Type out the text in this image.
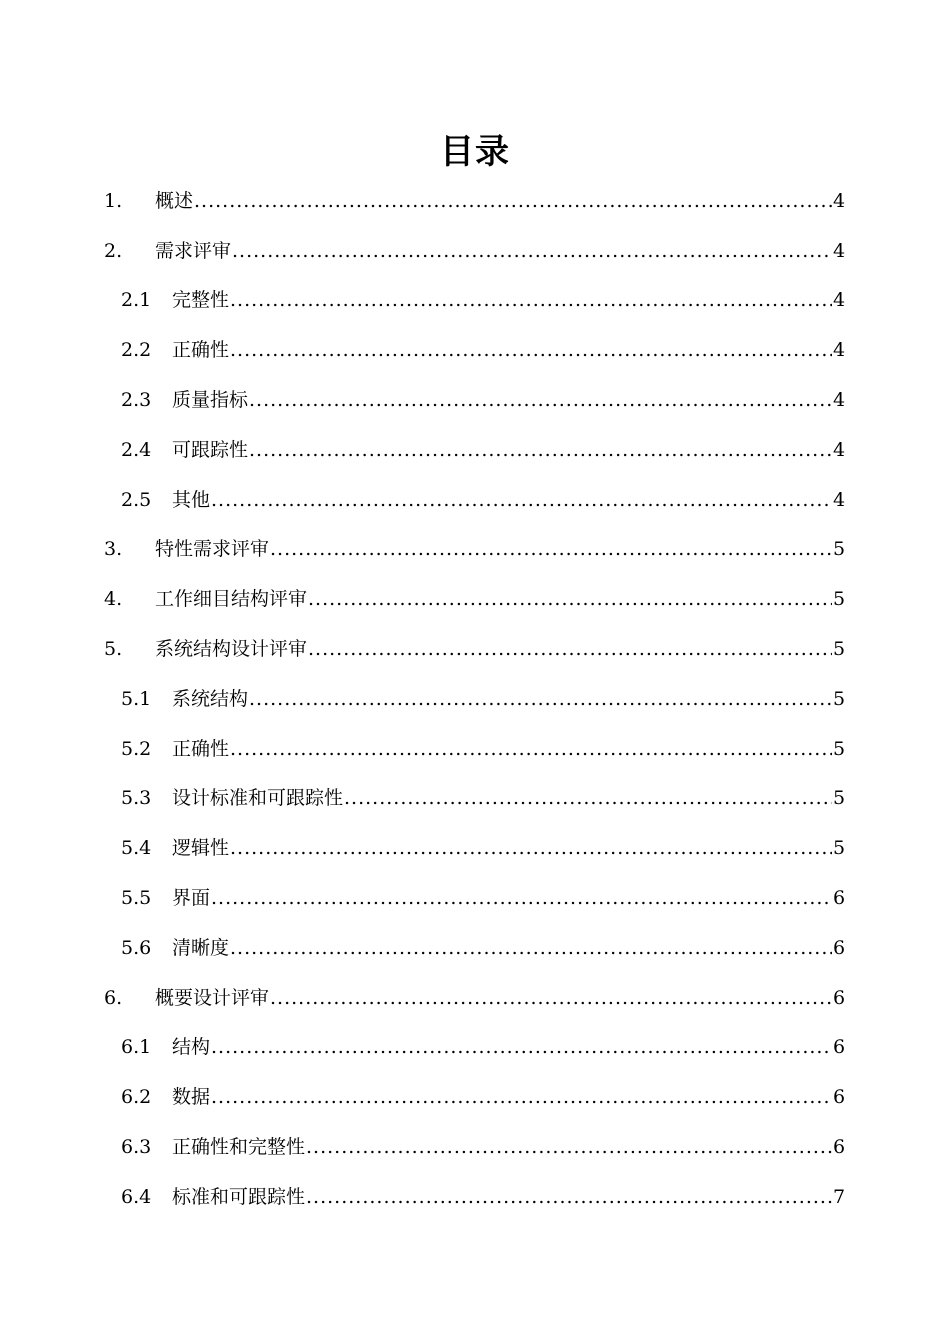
目录
1.	概述 .....	4
2.	需求评审 .....	4
2.1	完整性 .....	4
2.2	正确性 .....	4
2.3	质量指标 .....	4
2.4	可跟踪性 .....	4
2.5	其他 .....	4
3.	特性需求评审 .....	5
4.	工作细目结构评审 .....	5
5.	系统结构设计评审 .....	5
5.1	系统结构 .....	5
5.2	正确性 .....	5
5.3	设计标准和可跟踪性 .....	5
5.4	逻辑性 .....	5
5.5	界面 .....	6
5.6	清晰度 .....	6
6.	概要设计评审 .....	6
6.1	结构 .....	6
6.2	数据 .....	6
6.3	正确性和完整性 .....	6
6.4	标准和可跟踪性 .....	7
